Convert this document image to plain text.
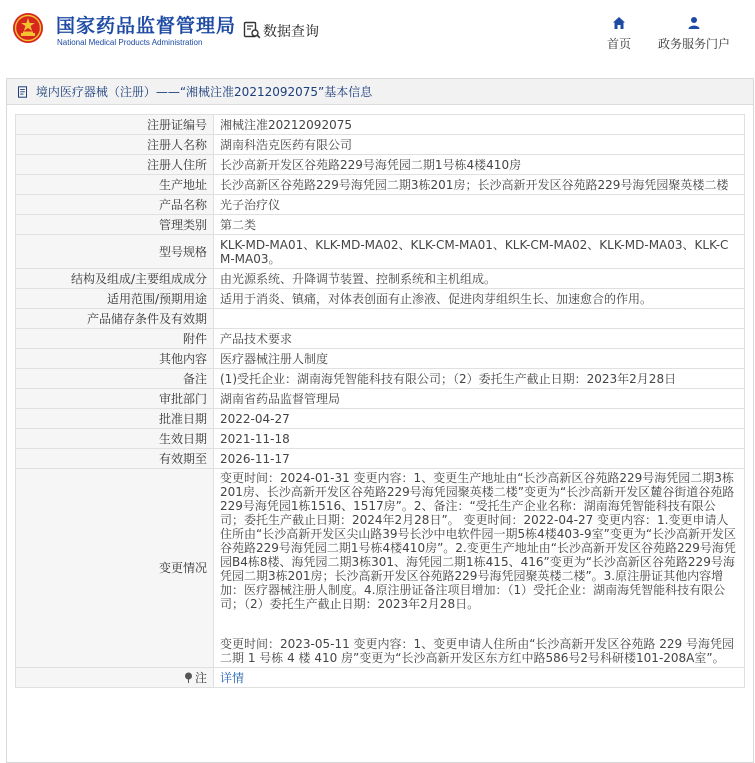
国家药品监督管理局
National Medical Products Administration
数据查询
首页	政务服务门户
境内医疗器械（注册）——“湘械注准20212092075”基本信息
注册证编号	湘械注准20212092075
注册人名称	湖南科浩克医药有限公司
注册人住所	长沙高新开发区谷苑路229号海凭园二期1号栋4楼410房
生产地址	长沙高新区谷苑路229号海凭园二期3栋201房；长沙高新开发区谷苑路229号海凭园聚英楼二楼
产品名称	光子治疗仪
管理类别	第二类
型号规格	KLK-MD-MA01、KLK-MD-MA02、KLK-CM-MA01、KLK-CM-MA02、KLK-MD-MA03、KLK-CM-MA03。
结构及组成/主要组成成分	由光源系统、升降调节装置、控制系统和主机组成。
适用范围/预期用途	适用于消炎、镇痛，对体表创面有止渗液、促进肉芽组织生长、加速愈合的作用。
产品储存条件及有效期	
附件	产品技术要求
其他内容	医疗器械注册人制度
备注	(1)受托企业：湖南海凭智能科技有限公司；（2）委托生产截止日期：2023年2月28日
审批部门	湖南省药品监督管理局
批准日期	2022-04-27
生效日期	2021-11-18
有效期至	2026-11-17
变更情况	变更时间：2024-01-31 变更内容：1、变更生产地址由“长沙高新区谷苑路229号海凭园二期3栋201房、长沙高新开发区谷苑路229号海凭园聚英楼二楼”变更为“长沙高新开发区麓谷街道谷苑路229号海凭园1栋1516、1517房”。2、备注：“受托生产企业名称：湖南海凭智能科技有限公司；委托生产截止日期：2024年2月28日”。 变更时间：2022-04-27 变更内容：1.变更申请人住所由“长沙高新开发区尖山路39号长沙中电软件园一期5栋4楼403-9室”变更为“长沙高新开发区谷苑路229号海凭园二期1号栋4楼410房”。2.变更生产地址由“长沙高新开发区谷苑路229号海凭园B4栋8楼、海凭园二期3栋301、海凭园二期1栋415、416”变更为“长沙高新区谷苑路229号海凭园二期3栋201房；长沙高新开发区谷苑路229号海凭园聚英楼二楼”。3.原注册证其他内容增加：医疗器械注册人制度。4.原注册证备注项目增加：（1）受托企业：湖南海凭智能科技有限公司；（2）委托生产截止日期：2023年2月28日。
变更时间：2023-05-11 变更内容：1、变更申请人住所由“长沙高新开发区谷苑路 229 号海凭园二期 1 号栋 4 楼 410 房”变更为“长沙高新开发区东方红中路586号2号科研楼101-208A室”。

注	详情
